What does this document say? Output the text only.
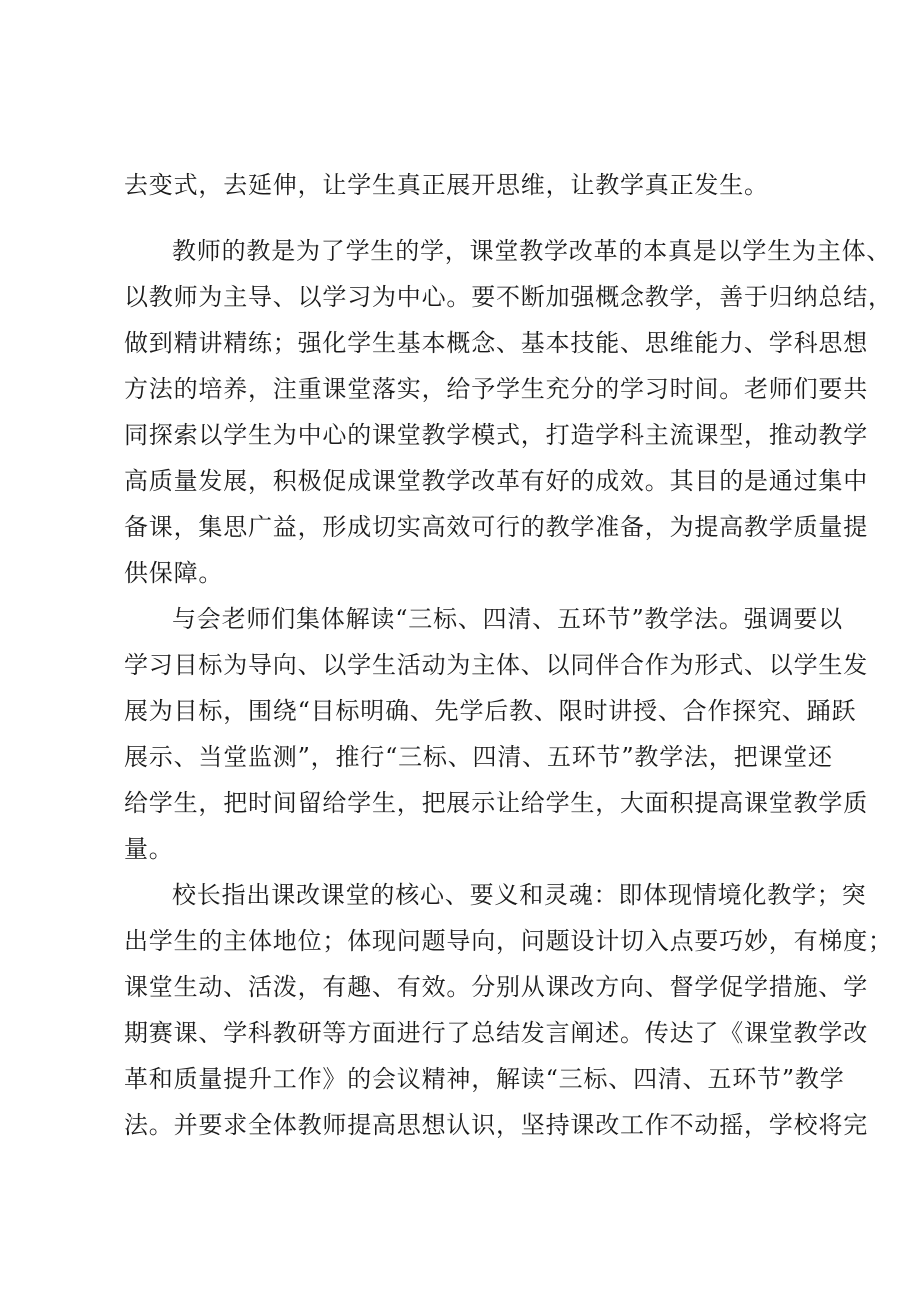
去变式，去延伸，让学生真正展开思维，让教学真正发生。
教师的教是为了学生的学，课堂教学改革的本真是以学生为主体、
以教师为主导、以学习为中心。要不断加强概念教学，善于归纳总结，
做到精讲精练；强化学生基本概念、基本技能、思维能力、学科思想
方法的培养，注重课堂落实，给予学生充分的学习时间。老师们要共
同探索以学生为中心的课堂教学模式，打造学科主流课型，推动教学
高质量发展，积极促成课堂教学改革有好的成效。其目的是通过集中
备课，集思广益，形成切实高效可行的教学准备，为提高教学质量提
供保障。
与会老师们集体解读“三标、四清、五环节”教学法。强调要以
学习目标为导向、以学生活动为主体、以同伴合作为形式、以学生发
展为目标，围绕“目标明确、先学后教、限时讲授、合作探究、踊跃
展示、当堂监测”，推行“三标、四清、五环节”教学法，把课堂还
给学生，把时间留给学生，把展示让给学生，大面积提高课堂教学质
量。
校长指出课改课堂的核心、要义和灵魂：即体现情境化教学；突
出学生的主体地位；体现问题导向，问题设计切入点要巧妙，有梯度；
课堂生动、活泼，有趣、有效。分别从课改方向、督学促学措施、学
期赛课、学科教研等方面进行了总结发言阐述。传达了《课堂教学改
革和质量提升工作》的会议精神，解读“三标、四清、五环节”教学
法。并要求全体教师提高思想认识，坚持课改工作不动摇，学校将完
